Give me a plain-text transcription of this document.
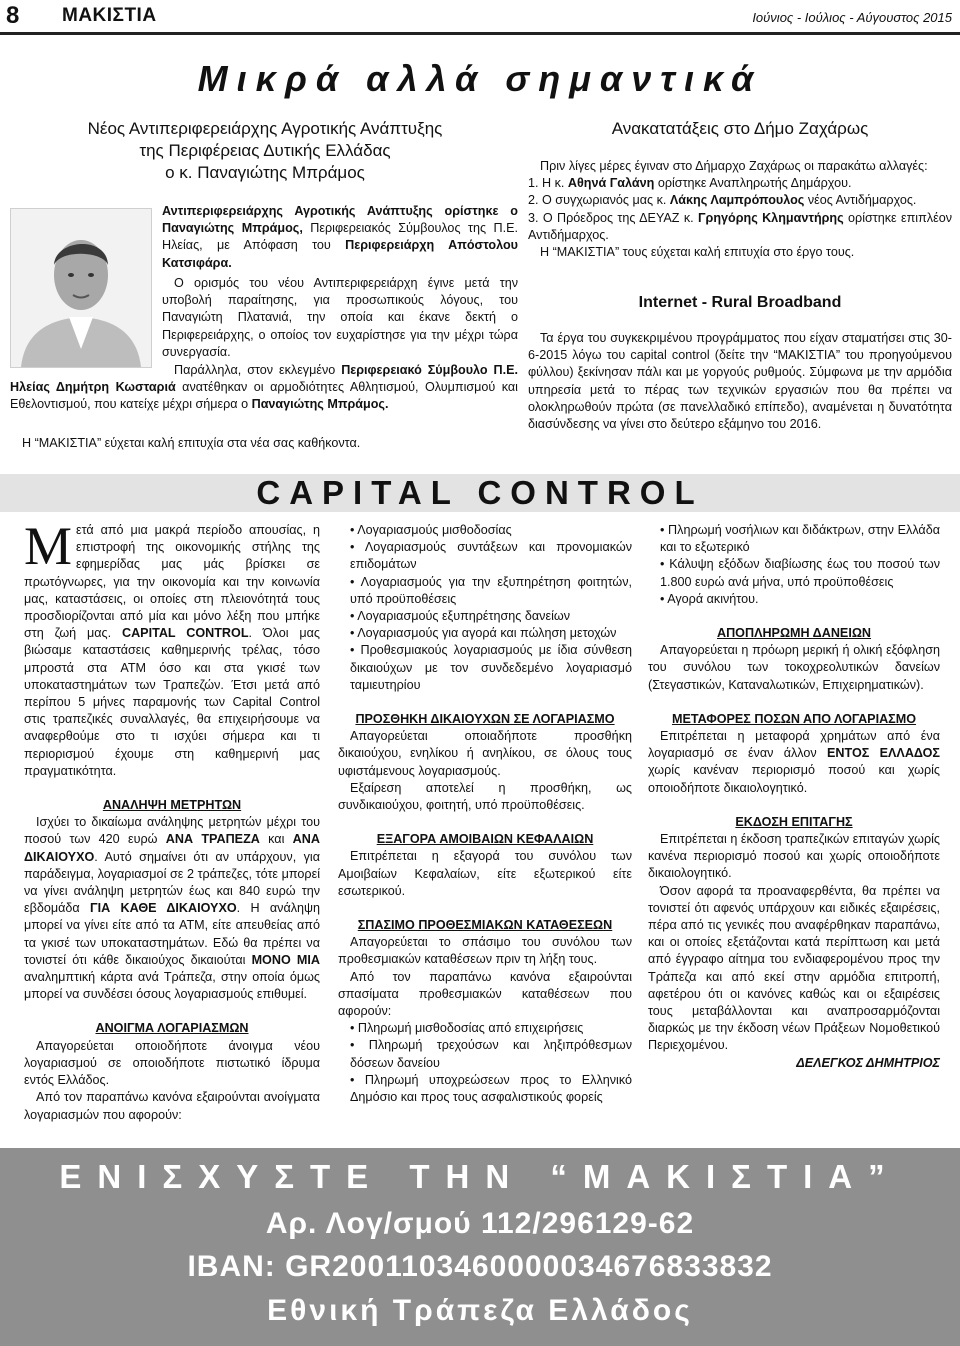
8 ΜΑΚΙΣΤΙΑ	Ιούνιος - Ιούλιος - Αύγουστος 2015
Μικρά αλλά σημαντικά

Νέος Αντιπεριφερειάρχης Αγροτικής Ανάπτυξης

της Περιφέρειας Δυτικής Ελλάδας

ο κ. Παναγιώτης Μπράμος

Αντιπεριφερειάρχης Αγροτικής Ανάπτυξης ορίστηκε ο Παναγιώτης Μπράμος, Περιφερειακός Σύμβουλος της Π.Ε. Ηλείας, με Απόφαση του Περιφερειάρχη Απόστολου Κατσιφάρα.
Ο ορισμός του νέου Αντιπεριφερειάρχη έγινε μετά την υποβολή παραίτησης, για προσωπικούς λόγους, του Παναγιώτη Πλατανιά, την οποία και έκανε δεκτή ο Περιφερειάρχης, ο οποίος τον ευχαρίστησε για την μέχρι τώρα συνεργασία.
Παράλληλα, στον εκλεγμένο Περιφερειακό Σύμβουλο Π.Ε. Ηλείας Δημήτρη Κωσταριά ανατέθηκαν οι αρμοδιότητες Αθλητισμού, Ολυμπισμού και Εθελοντισμού, που κατείχε μέχρι σήμερα ο Παναγιώτης Μπράμος.
Η “ΜΑΚΙΣΤΙΑ” εύχεται καλή επιτυχία στα νέα σας καθήκοντα.
Ανακατατάξεις στο Δήμο Ζαχάρως

Πριν λίγες μέρες έγιναν στο Δήμαρχο Ζαχάρως οι παρακάτω αλλαγές:

1. Η κ. Αθηνά Γαλάνη ορίστηκε Αναπληρωτής Δημάρχου.

2. Ο συγχωριανός μας κ. Λάκης Λαμπρόπουλος νέος Αντιδήμαρχος.

3. Ο Πρόεδρος της ΔΕΥΑΖ κ. Γρηγόρης Κλημαντήρης ορίστηκε επιπλέον Αντιδήμαρχος.

Η “ΜΑΚΙΣΤΙΑ” τους εύχεται καλή επιτυχία στο έργο τους.

Internet - Rural Broadband
Τα έργα του συγκεκριμένου προγράμματος που είχαν σταματήσει στις 30-6-2015 λόγω του capital control (δείτε την “ΜΑΚΙΣΤΙΑ” του προηγούμενου φύλλου) ξεκίνησαν πάλι και με γοργούς ρυθμούς. Σύμφωνα με την αρμόδια υπηρεσία μετά το πέρας των τεχνικών εργασιών που θα πρέπει να ολοκληρωθούν πρώτα (σε πανελλαδικό επίπεδο), αναμένεται η δυνατότητα διασύνδεσης να γίνει στο δεύτερο εξάμηνο του 2016.
CAPITAL CONTROL

Μετά από μια μακρά περίοδο απουσίας, η επιστροφή της οικονομικής στήλης της εφημερίδας μας μάς βρίσκει σε πρωτόγνωρες, για την οικονομία και την κοινωνία μας, καταστάσεις, οι οποίες στη πλειονότητά τους προσδιορίζονται από μία και μόνο λέξη που μπήκε στη ζωή μας. CAPITAL CONTROL. Όλοι μας βιώσαμε καταστάσεις καθημερινής τρέλας, τόσο μπροστά στα ATM όσο και στα γκισέ των υποκαταστημάτων των Τραπεζών. Έτσι μετά από περίπου 5 μήνες παραμονής των Capital Control στις τραπεζικές συναλλαγές, θα επιχειρήσουμε να αναφερθούμε στο τι ισχύει σήμερα και τι περιορισμού έχουμε στη καθημερινή μας πραγματικότητα.

ΑΝΑΛΗΨΗ ΜΕΤΡΗΤΩΝ

Ισχύει το δικαίωμα ανάληψης μετρητών μέχρι του ποσού των 420 ευρώ ΑΝΑ ΤΡΑΠΕΖΑ και ΑΝΑ ΔΙΚΑΙΟΥΧΟ. Αυτό σημαίνει ότι αν υπάρχουν, για παράδειγμα, λογαριασμοί σε 2 τράπεζες, τότε μπορεί να γίνει ανάληψη μετρητών έως και 840 ευρώ την εβδομάδα ΓΙΑ ΚΑΘΕ ΔΙΚΑΙΟΥΧΟ. Η ανάληψη μπορεί να γίνει είτε από τα ATM, είτε απευθείας από τα γκισέ των υποκαταστημάτων. Εδώ θα πρέπει να τονιστεί ότι κάθε δικαιούχος δικαιούται ΜΟΝΟ ΜΙΑ αναλημπτική κάρτα ανά Τράπεζα, στην οποία όμως μπορεί να συνδέσει όσους λογαριασμούς επιθυμεί.

ΑΝΟΙΓΜΑ ΛΟΓΑΡΙΑΣΜΩΝ

Απαγορεύεται οποιοδήποτε άνοιγμα νέου λογαριασμού σε οποιοδήποτε πιστωτικό ίδρυμα εντός Ελλάδος.

Από τον παραπάνω κανόνα εξαιρούνται ανοίγματα λογαριασμών που αφορούν:

• Λογαριασμούς μισθοδοσίας

• Λογαριασμούς συντάξεων και προνομιακών επιδομάτων

• Λογαριασμούς για την εξυπηρέτηση φοιτητών, υπό προϋποθέσεις

• Λογαριασμούς εξυπηρέτησης δανείων

• Λογαριασμούς για αγορά και πώληση μετοχών

• Προθεσμιακούς λογαριασμούς με ίδια σύνθεση δικαιούχων με τον συνδεδεμένο λογαριασμό ταμιευτηρίου

ΠΡΟΣΘΗΚΗ ΔΙΚΑΙΟΥΧΩΝ ΣΕ ΛΟΓΑΡΙΑΣΜΟ

Απαγορεύεται οποιαδήποτε προσθήκη δικαιούχου, ενηλίκου ή ανηλίκου, σε όλους τους υφιστάμενους λογαριασμούς.

Εξαίρεση αποτελεί η προσθήκη, ως συνδικαιούχου, φοιτητή, υπό προϋποθέσεις.

ΕΞΑΓΟΡΑ ΑΜΟΙΒΑΙΩΝ ΚΕΦΑΛΑΙΩΝ

Επιτρέπεται η εξαγορά του συνόλου των Αμοιβαίων Κεφαλαίων, είτε εξωτερικού είτε εσωτερικού.

ΣΠΑΣΙΜΟ ΠΡΟΘΕΣΜΙΑΚΩΝ ΚΑΤΑΘΕΣΕΩΝ

Απαγορεύεται το σπάσιμο του συνόλου των προθεσμιακών καταθέσεων πριν τη λήξη τους.

Από τον παραπάνω κανόνα εξαιρούνται σπασίματα προθεσμιακών καταθέσεων που αφορούν:

• Πληρωμή μισθοδοσίας από επιχειρήσεις

• Πληρωμή τρεχούσων και ληξιπρόθεσμων δόσεων δανείου

• Πληρωμή υποχρεώσεων προς το Ελληνικό Δημόσιο και προς τους ασφαλιστικούς φορείς

• Πληρωμή νοσήλιων και διδάκτρων, στην Ελλάδα και το εξωτερικό

• Κάλυψη εξόδων διαβίωσης έως του ποσού των 1.800 ευρώ ανά μήνα, υπό προϋποθέσεις

• Αγορά ακινήτου.

ΑΠΟΠΛΗΡΩΜΗ ΔΑΝΕΙΩΝ

Απαγορεύεται η πρόωρη μερική ή ολική εξόφληση του συνόλου των τοκοχρεολυτικών δανείων (Στεγαστικών, Καταναλωτικών, Επιχειρηματικών).

ΜΕΤΑΦΟΡΕΣ ΠΟΣΩΝ ΑΠΟ ΛΟΓΑΡΙΑΣΜΟ

Επιτρέπεται η μεταφορά χρημάτων από ένα λογαριασμό σε έναν άλλον ΕΝΤΟΣ ΕΛΛΑΔΟΣ χωρίς κανέναν περιορισμό ποσού και χωρίς οποιοδήποτε δικαιολογητικό.

ΕΚΔΟΣΗ ΕΠΙΤΑΓΗΣ

Επιτρέπεται η έκδοση τραπεζικών επιταγών χωρίς κανένα περιορισμό ποσού και χωρίς οποιοδήποτε δικαιολογητικό.

Όσον αφορά τα προαναφερθέντα, θα πρέπει να τονιστεί ότι αφενός υπάρχουν και ειδικές εξαιρέσεις, πέρα από τις γενικές που αναφέρθηκαν παραπάνω, και οι οποίες εξετάζονται κατά περίπτωση και μετά από έγγραφο αίτημα του ενδιαφερομένου προς την Τράπεζα και από εκεί στην αρμόδια επιτροπή, αφετέρου ότι οι κανόνες καθώς και οι εξαιρέσεις τους μεταβάλλονται και αναπροσαρμόζονται διαρκώς με την έκδοση νέων Πράξεων Νομοθετικού Περιεχομένου.

ΔΕΛΕΓΚΟΣ ΔΗΜΗΤΡΙΟΣ

ΕΝΙΣΧΥΣΤΕ ΤΗΝ “ΜΑΚΙΣΤΙΑ”
Αρ. Λογ/σμού 112/296129-62
IBAN: GR2001103460000034676833832
Εθνική Τράπεζα Ελλάδος
